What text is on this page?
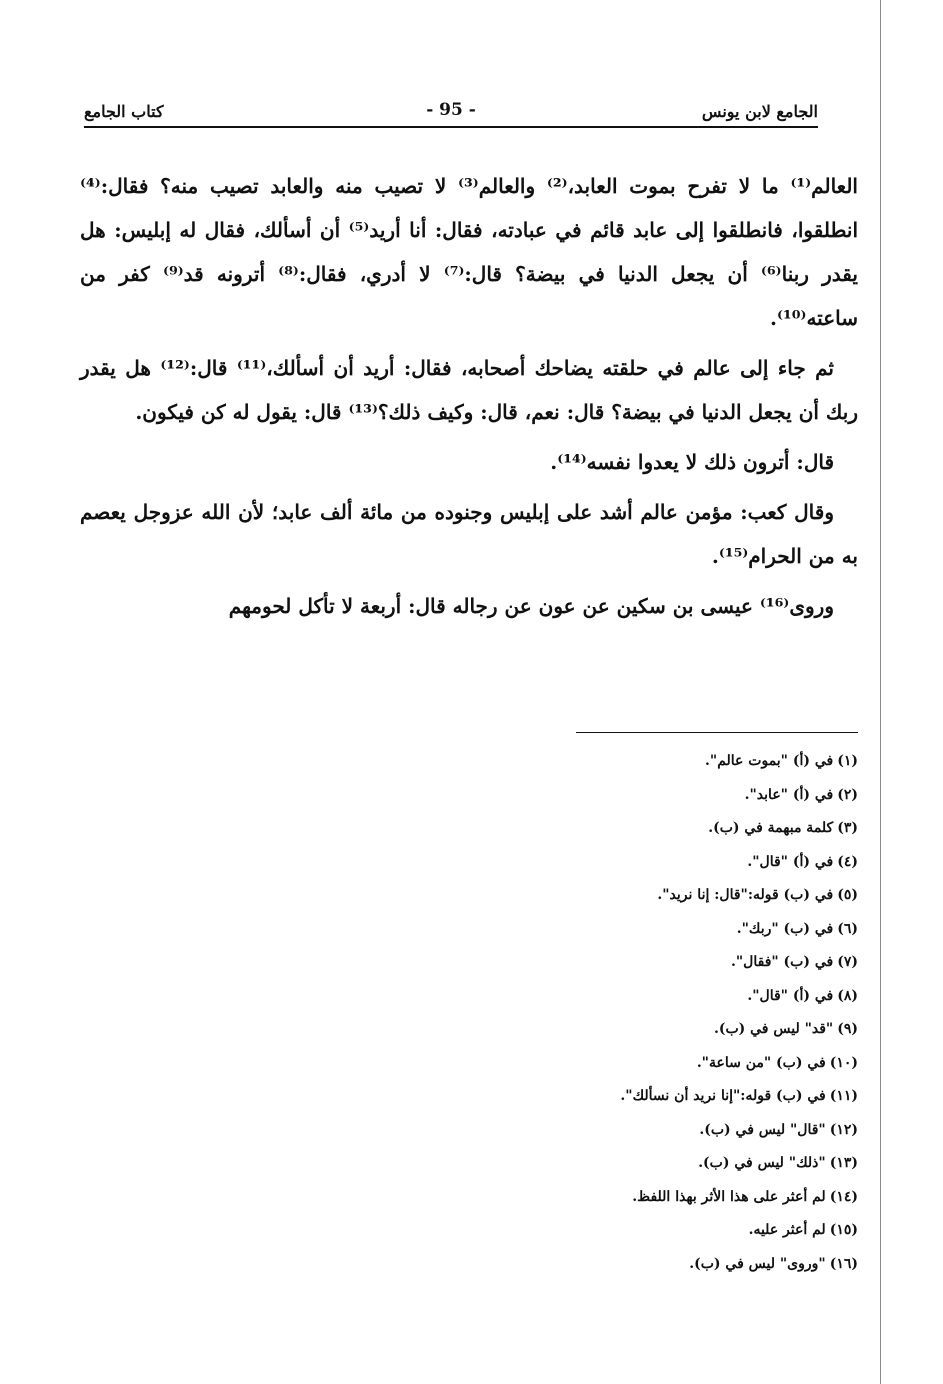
الجامع لابن يونس
- 95 -
كتاب الجامع

العالم⁽¹⁾ ما لا تفرح بموت العابد،⁽²⁾ والعالم⁽³⁾ لا تصيب منه والعابد تصيب منه؟ فقال:⁽⁴⁾ انطلقوا، فانطلقوا إلى عابد قائم في عبادته، فقال: أنا أريد⁽⁵⁾ أن أسألك، فقال له إبليس: هل يقدر ربنا⁽⁶⁾ أن يجعل الدنيا في بيضة؟ قال:⁽⁷⁾ لا أدري، فقال:⁽⁸⁾ أترونه قد⁽⁹⁾ كفر من ساعته⁽¹⁰⁾.

ثم جاء إلى عالم في حلقته يضاحك أصحابه، فقال: أريد أن أسألك،⁽¹¹⁾ قال:⁽¹²⁾ هل يقدر ربك أن يجعل الدنيا في بيضة؟ قال: نعم، قال: وكيف ذلك؟⁽¹³⁾ قال: يقول له كن فيكون.

قال: أترون ذلك لا يعدوا نفسه⁽¹⁴⁾.

وقال كعب: مؤمن عالم أشد على إبليس وجنوده من مائة ألف عابد؛ لأن الله عزوجل يعصم به من الحرام⁽¹⁵⁾.

وروى⁽¹⁶⁾ عيسى بن سكين عن عون عن رجاله قال: أربعة لا تأكل لحومهم

(١)في (أ) "بموت عالم".
(٢)في (أ) "عابد".
(٣)كلمة مبهمة في (ب).
(٤)في (أ) "قال".
(٥)في (ب) قوله:"قال: إنا نريد".
(٦)في (ب) "ربك".
(٧)في (ب) "فقال".
(٨)في (أ) "قال".
(٩)"قد" ليس في (ب).
(١٠)في (ب) "من ساعة".
(١١)في (ب) قوله:"إنا نريد أن نسألك".
(١٢)"قال" ليس في (ب).
(١٣)"ذلك" ليس في (ب).
(١٤)لم أعثر على هذا الأثر بهذا اللفظ.
(١٥)لم أعثر عليه.
(١٦)"وروى" ليس في (ب).
